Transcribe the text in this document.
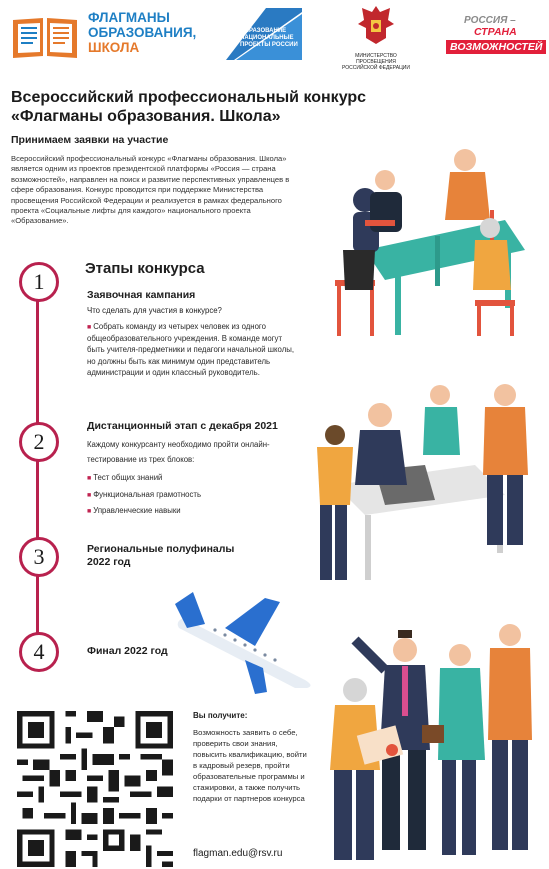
ФЛАГМАНЫ
ОБРАЗОВАНИЯ,
ШКОЛА
ОБРАЗОВАНИЕ НАЦИОНАЛЬНЫЕ ПРОЕКТЫ РОССИИ
МИНИСТЕРСТВО ПРОСВЕЩЕНИЯ РОССИЙСКОЙ ФЕДЕРАЦИИ
РОССИЯ –
СТРАНА
ВОЗМОЖНОСТЕЙ
Всероссийский профессиональный конкурс «Флагманы образования. Школа»
Принимаем заявки на участие
Всероссийский профессиональный конкурс «Флагманы образования. Школа» является одним из проектов президентской платформы «Россия — страна возможностей», направлен на поиск и развитие перспективных управленцев в сфере образования. Конкурс проводится при поддержке Министерства просвещения Российской Федерации и реализуется в рамках федерального проекта «Социальные лифты для каждого» национального проекта «Образование».
1
2
3
4
Этапы конкурса
Заявочная кампания
Что сделать для участия в конкурсе?
■ Собрать команду из четырех человек из одного общеобразовательного учреждения. В команде могут быть учителя-предметники и педагоги начальной школы, но должны быть как минимум один представитель администрации и один классный руководитель.
Дистанционный этап с декабря 2021
Каждому конкурсанту необходимо пройти онлайн-тестирование из трех блоков:
■ Тест общих знаний
■ Функциональная грамотность
■ Управленческие навыки
Региональные полуфиналы 2022 год
Финал 2022 год
Вы получите:
Возможность заявить о себе, проверить свои знания, повысить квалификацию, войти в кадровый резерв, пройти образовательные программы и стажировки, а также получить подарки от партнеров конкурса
flagman.edu@rsv.ru
